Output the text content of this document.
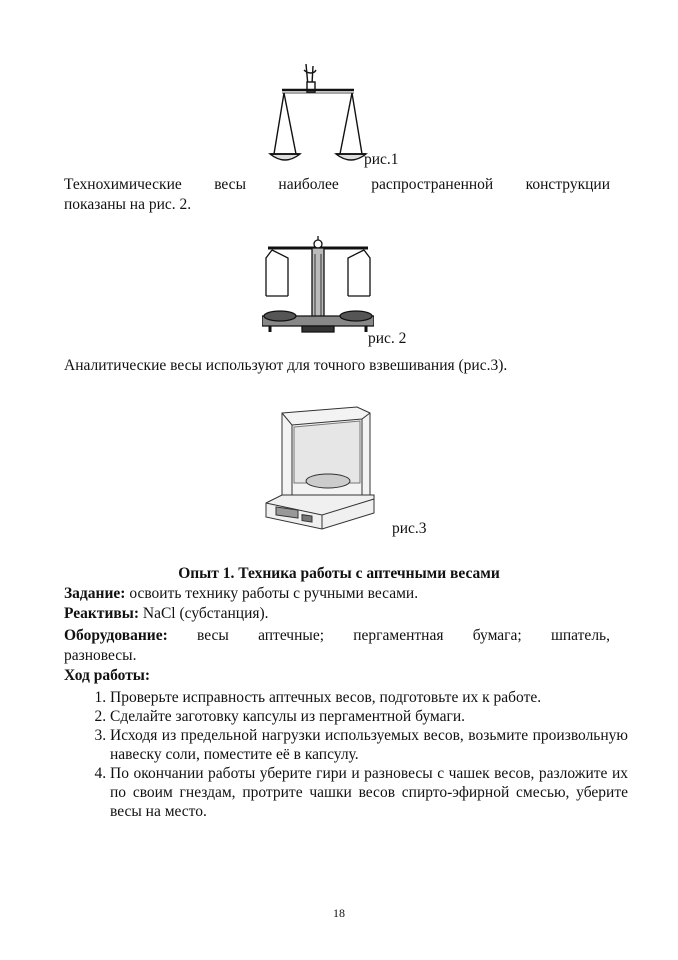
рис.1
Технохимические весы наиболее распространенной конструкции
показаны на рис. 2.
рис. 2
Аналитические весы используют для точного взвешивания (рис.3).
рис.3
Опыт 1. Техника работы с аптечными весами
Задание: освоить технику работы с ручными весами.
Реактивы: NaCl (субстанция).
Оборудование: весы аптечные; пергаментная бумага; шпатель,
разновесы.
Ход работы:
1. Проверьте исправность аптечных весов, подготовьте их к работе.
2. Сделайте заготовку капсулы из пергаментной бумаги.
3. Исходя из предельной нагрузки используемых весов, возьмите произвольную навеску соли, поместите её в капсулу.
4. По окончании работы уберите гири и разновесы с чашек весов, разложите их по своим гнездам, протрите чашки весов спирто-эфирной смесью, уберите весы на место.
18
